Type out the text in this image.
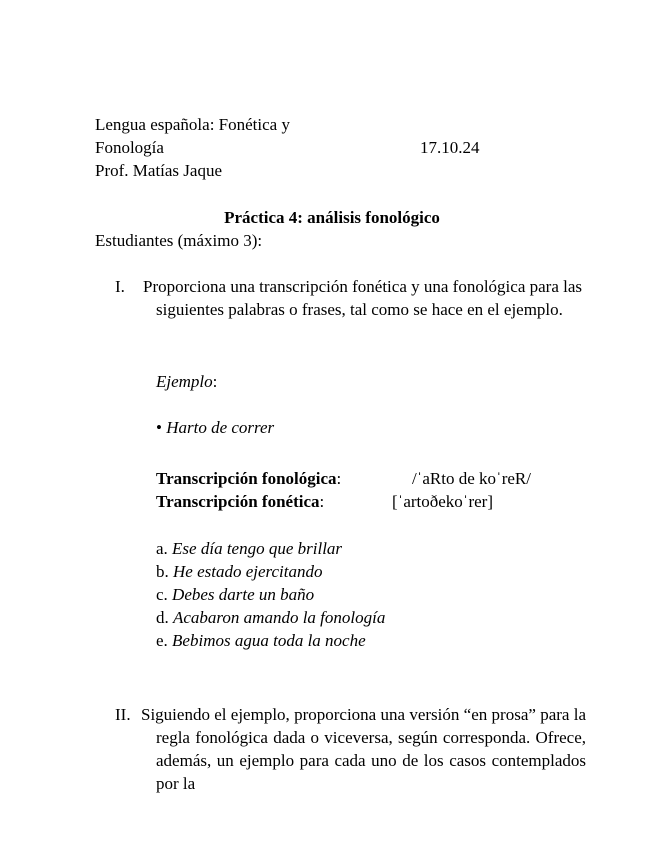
Lengua española: Fonética y
Fonología	17.10.24
Prof. Matías Jaque
Práctica 4: análisis fonológico
Estudiantes (máximo 3):
I. Proporciona una transcripción fonética y una fonológica para las siguientes palabras o frases, tal como se hace en el ejemplo.
Ejemplo:
• Harto de correr
Transcripción fonológica:	/ˈaRto de koˈreR/
Transcripción fonética:	[ˈartoðekoˈrer]
a. Ese día tengo que brillar
b. He estado ejercitando
c. Debes darte un baño
d. Acabaron amando la fonología
e. Bebimos agua toda la noche
II. Siguiendo el ejemplo, proporciona una versión “en prosa” para la regla fonológica dada o viceversa, según corresponda. Ofrece, además, un ejemplo para cada uno de los casos contemplados por la
